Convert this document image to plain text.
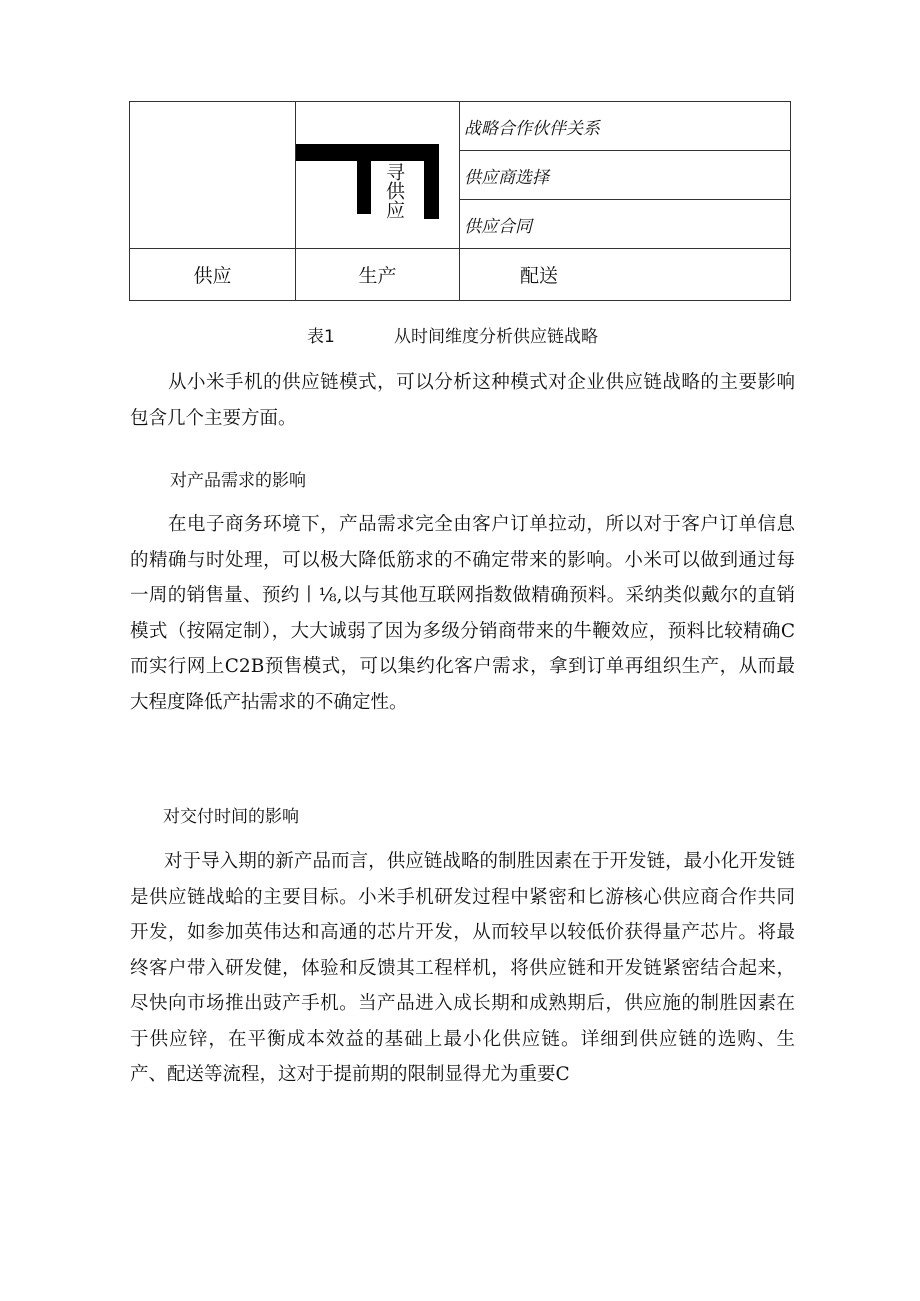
	寻供应	战略合作伙伴关系
		供应商选择
		供应合同
供应	生产	配送
表1	从时间维度分析供应链战略

从小米手机的供应链模式，可以分析这种模式对企业供应链战略的主要影响包含几个主要方面。

对产品需求的影响

在电子商务环境下，产品需求完全由客户订单拉动，所以对于客户订单信息的精确与时处理，可以极大降低筋求的不确定带来的影响。小米可以做到通过每一周的销售量、预约丨⅛,以与其他互联网指数做精确预料。采纳类似戴尔的直销模式（按隔定制），大大诚弱了因为多级分销商带来的牛鞭效应，预料比较精确C而实行网上C2B预售模式，可以集约化客户需求，拿到订单再组织生产，从而最大程度降低产拈需求的不确定性。

对交付时间的影响

对于导入期的新产品而言，供应链战略的制胜因素在于开发链，最小化开发链是供应链战蛤的主要目标。小米手机研发过程中紧密和匕游核心供应商合作共同开发，如参加英伟达和高通的芯片开发，从而较早以较低价获得量产芯片。将最终客户带入研发健，体验和反馈其工程样机，将供应链和开发链紧密结合起来，尽快向市场推出豉产手机。当产品进入成长期和成熟期后，供应施的制胜因素在于供应锌，在平衡成本效益的基础上最小化供应链。详细到供应链的选购、生产、配送等流程，这对于提前期的限制显得尤为重要C
